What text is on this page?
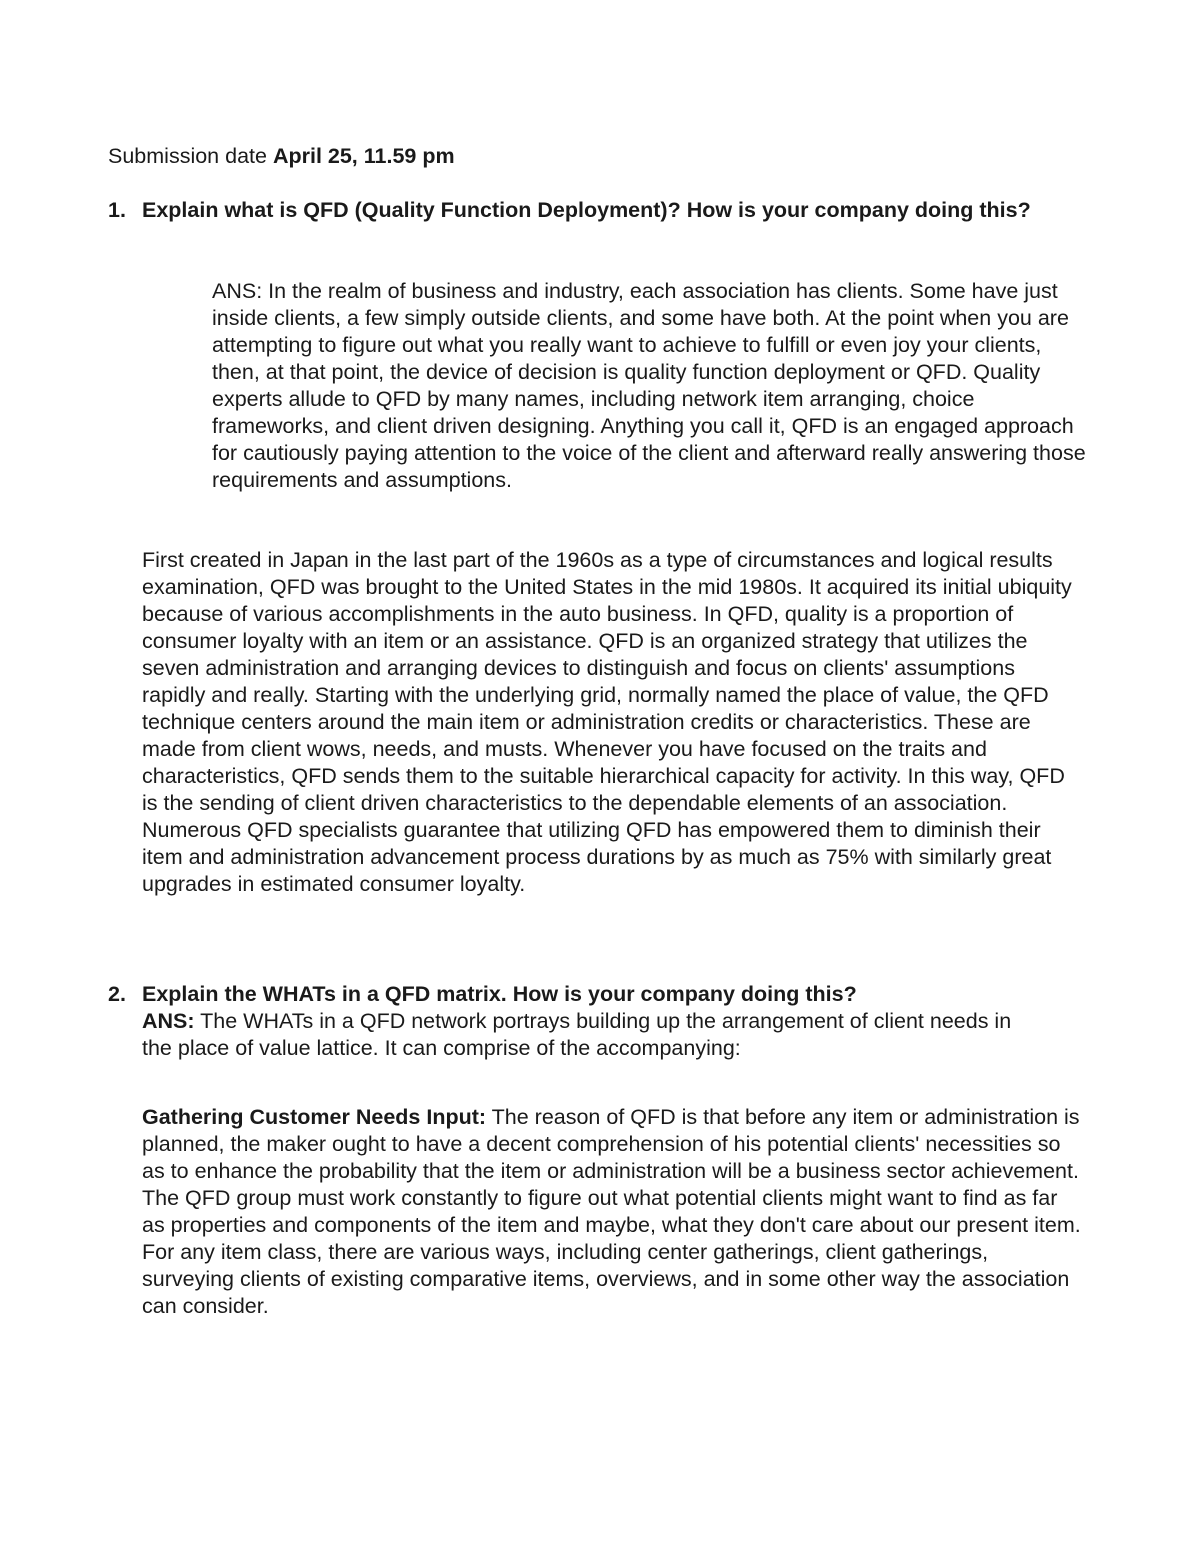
Submission date April 25, 11.59 pm

1. Explain what is QFD (Quality Function Deployment)? How is your company doing this?

ANS: In the realm of business and industry, each association has clients. Some have just inside clients, a few simply outside clients, and some have both. At the point when you are attempting to figure out what you really want to achieve to fulfill or even joy your clients, then, at that point, the device of decision is quality function deployment or QFD. Quality experts allude to QFD by many names, including network item arranging, choice frameworks, and client driven designing. Anything you call it, QFD is an engaged approach for cautiously paying attention to the voice of the client and afterward really answering those requirements and assumptions.

First created in Japan in the last part of the 1960s as a type of circumstances and logical results examination, QFD was brought to the United States in the mid 1980s. It acquired its initial ubiquity because of various accomplishments in the auto business. In QFD, quality is a proportion of consumer loyalty with an item or an assistance. QFD is an organized strategy that utilizes the seven administration and arranging devices to distinguish and focus on clients' assumptions rapidly and really. Starting with the underlying grid, normally named the place of value, the QFD technique centers around the main item or administration credits or characteristics. These are made from client wows, needs, and musts. Whenever you have focused on the traits and characteristics, QFD sends them to the suitable hierarchical capacity for activity. In this way, QFD is the sending of client driven characteristics to the dependable elements of an association. Numerous QFD specialists guarantee that utilizing QFD has empowered them to diminish their item and administration advancement process durations by as much as 75% with similarly great upgrades in estimated consumer loyalty.

2. Explain the WHATs in a QFD matrix. How is your company doing this?

ANS: The WHATs in a QFD network portrays building up the arrangement of client needs in the place of value lattice. It can comprise of the accompanying:

Gathering Customer Needs Input: The reason of QFD is that before any item or administration is planned, the maker ought to have a decent comprehension of his potential clients' necessities so as to enhance the probability that the item or administration will be a business sector achievement. The QFD group must work constantly to figure out what potential clients might want to find as far as properties and components of the item and maybe, what they don't care about our present item. For any item class, there are various ways, including center gatherings, client gatherings, surveying clients of existing comparative items, overviews, and in some other way the association can consider.
